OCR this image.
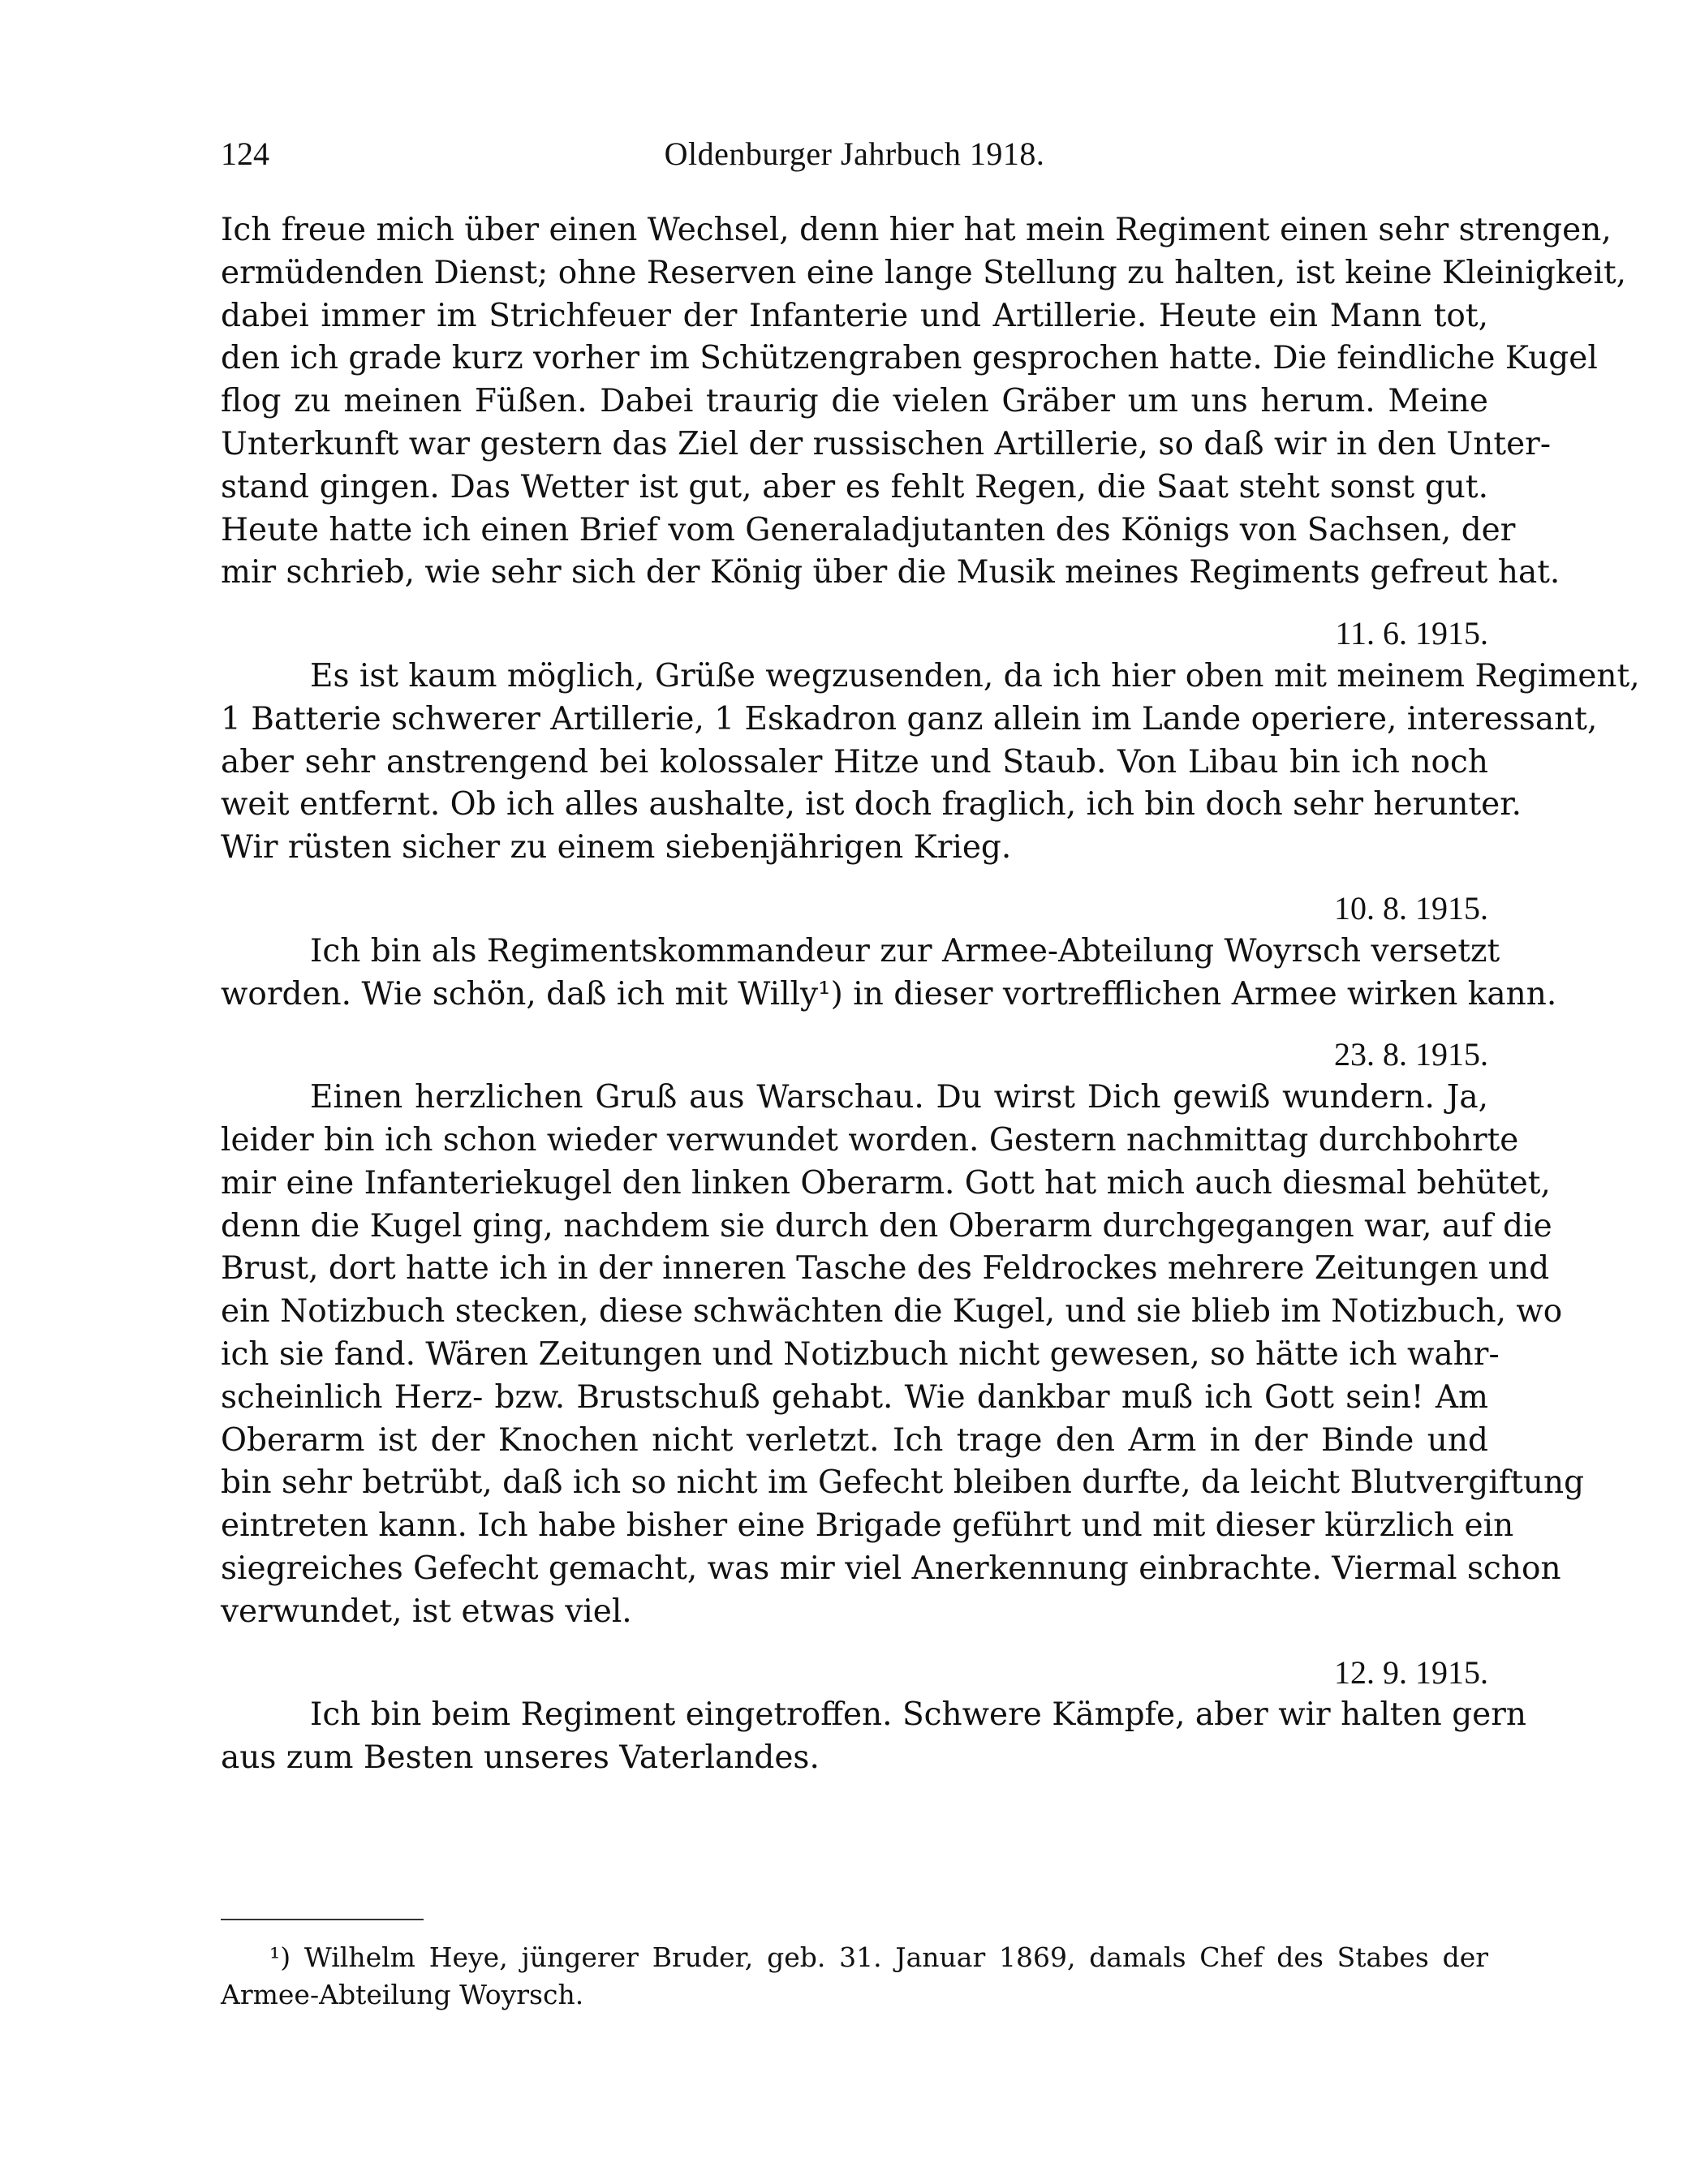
124	Oldenburger Jahrbuch 1918.
Ich freue mich über einen Wechsel, denn hier hat mein Regiment einen sehr strengen,
ermüdenden Dienst; ohne Reserven eine lange Stellung zu halten, ist keine Kleinigkeit,
dabei immer im Strichfeuer der Infanterie und Artillerie. Heute ein Mann tot,
den ich grade kurz vorher im Schützengraben gesprochen hatte. Die feindliche Kugel
flog zu meinen Füßen. Dabei traurig die vielen Gräber um uns herum. Meine
Unterkunft war gestern das Ziel der russischen Artillerie, so daß wir in den Unter-
stand gingen. Das Wetter ist gut, aber es fehlt Regen, die Saat steht sonst gut.
Heute hatte ich einen Brief vom Generaladjutanten des Königs von Sachsen, der
mir schrieb, wie sehr sich der König über die Musik meines Regiments gefreut hat.
11. 6. 1915.
Es ist kaum möglich, Grüße wegzusenden, da ich hier oben mit meinem Regiment,
1 Batterie schwerer Artillerie, 1 Eskadron ganz allein im Lande operiere, interessant,
aber sehr anstrengend bei kolossaler Hitze und Staub. Von Libau bin ich noch
weit entfernt. Ob ich alles aushalte, ist doch fraglich, ich bin doch sehr herunter.
Wir rüsten sicher zu einem siebenjährigen Krieg.
10. 8. 1915.
Ich bin als Regimentskommandeur zur Armee-Abteilung Woyrsch versetzt
worden. Wie schön, daß ich mit Willy¹) in dieser vortrefflichen Armee wirken kann.
23. 8. 1915.
Einen herzlichen Gruß aus Warschau. Du wirst Dich gewiß wundern. Ja,
leider bin ich schon wieder verwundet worden. Gestern nachmittag durchbohrte
mir eine Infanteriekugel den linken Oberarm. Gott hat mich auch diesmal behütet,
denn die Kugel ging, nachdem sie durch den Oberarm durchgegangen war, auf die
Brust, dort hatte ich in der inneren Tasche des Feldrockes mehrere Zeitungen und
ein Notizbuch stecken, diese schwächten die Kugel, und sie blieb im Notizbuch, wo
ich sie fand. Wären Zeitungen und Notizbuch nicht gewesen, so hätte ich wahr-
scheinlich Herz- bzw. Brustschuß gehabt. Wie dankbar muß ich Gott sein! Am
Oberarm ist der Knochen nicht verletzt. Ich trage den Arm in der Binde und
bin sehr betrübt, daß ich so nicht im Gefecht bleiben durfte, da leicht Blutvergiftung
eintreten kann. Ich habe bisher eine Brigade geführt und mit dieser kürzlich ein
siegreiches Gefecht gemacht, was mir viel Anerkennung einbrachte. Viermal schon
verwundet, ist etwas viel.
12. 9. 1915.
Ich bin beim Regiment eingetroffen. Schwere Kämpfe, aber wir halten gern
aus zum Besten unseres Vaterlandes.
¹) Wilhelm Heye, jüngerer Bruder, geb. 31. Januar 1869, damals Chef des Stabes der
Armee-Abteilung Woyrsch.
